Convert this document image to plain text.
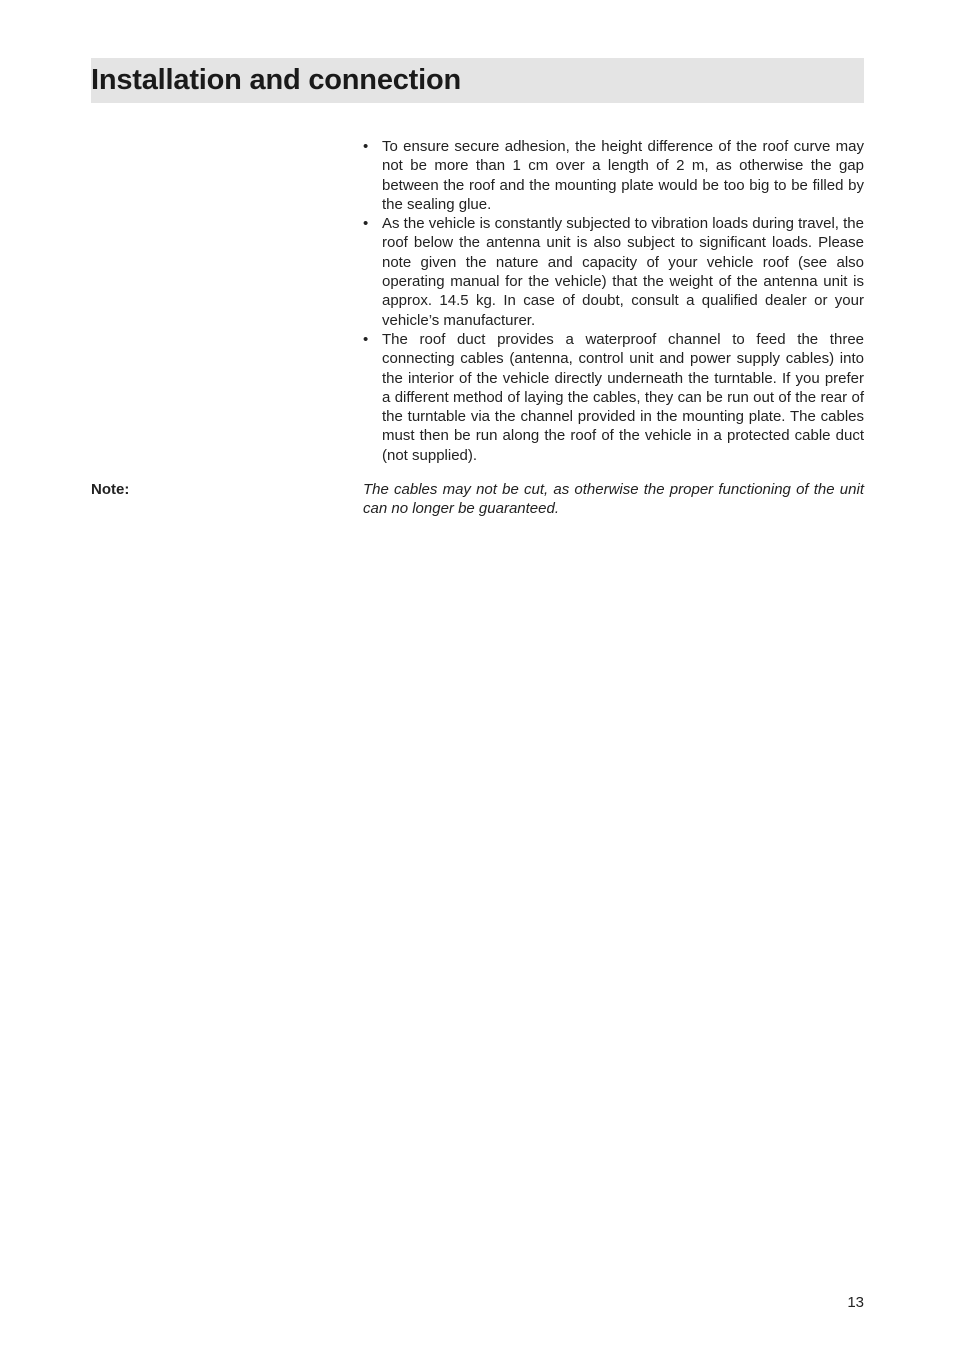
Installation and connection
• To ensure secure adhesion, the height difference of the roof curve may not be more than 1 cm over a length of 2 m, as otherwise the gap between the roof and the mounting plate would be too big to be filled by the sealing glue.
• As the vehicle is constantly subjected to vibration loads during travel, the roof below the antenna unit is also subject to significant loads. Please note given the nature and capacity of your vehicle roof (see also operating manual for the vehicle) that the weight of the antenna unit is approx. 14.5 kg. In case of doubt, consult a qualified dealer or your vehicle’s manufacturer.
• The roof duct provides a waterproof channel to feed the three connecting cables (antenna, control unit and power supply cables) into the interior of the vehicle directly underneath the turntable. If you prefer a different method of laying the cables, they can be run out of the rear of the turntable via the channel provided in the mounting plate. The cables must then be run along the roof of the vehicle in a protected cable duct (not supplied).

Note:	The cables may not be cut, as otherwise the proper functioning of the unit can no longer be guaranteed.

13
